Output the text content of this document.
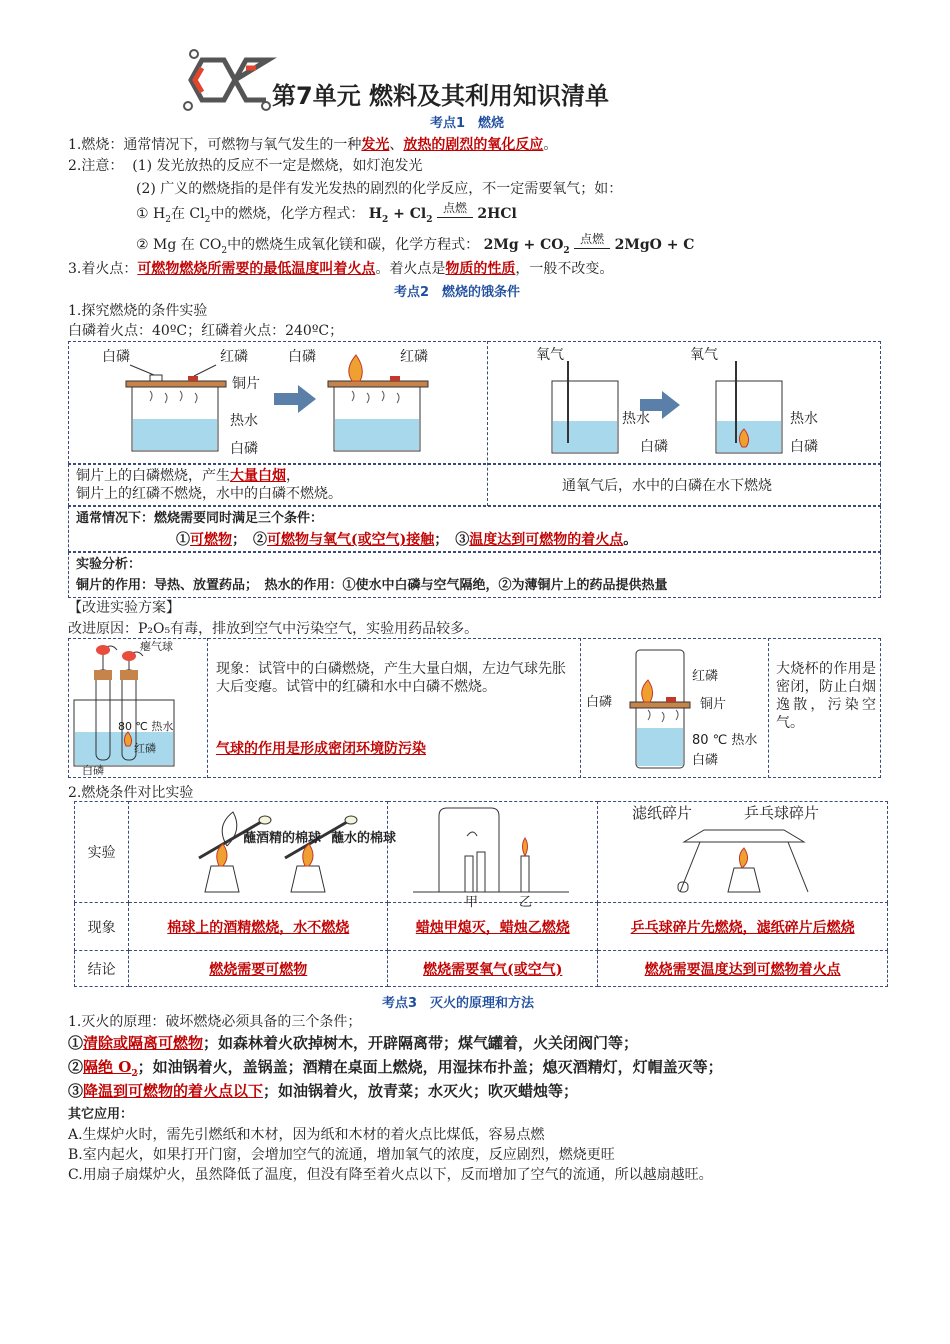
第7单元 燃料及其利用知识清单
考点1　燃烧
1.燃烧：通常情况下，可燃物与氧气发生的一种发光、放热的剧烈的氧化反应。
2.注意： (1) 发光放热的反应不一定是燃烧，如灯泡发光
(2) 广义的燃烧指的是伴有发光发热的剧烈的化学反应，不一定需要氧气；如：
① $H_2$在 $Cl_2$中的燃烧，化学方程式： $H_2 + Cl_2$ 点燃 2HCl
② Mg 在 $CO_2$中的燃烧生成氧化镁和碳，化学方程式： $2Mg + CO_2$ 点燃 2MgO + C
3.着火点：可燃物燃烧所需要的最低温度叫着火点。着火点是物质的性质，一般不改变。
考点2　燃烧的饿条件
1.探究燃烧的条件实验
白磷着火点：40ºC；红磷着火点：240ºC；
白磷	红磷
铜片
热水
白磷
白磷	红磷	氧气
热水
白磷
氧气
热水
白磷
铜片上的白磷燃烧，产生大量白烟，
铜片上的红磷不燃烧，水中的白磷不燃烧。	通氧气后，水中的白磷在水下燃烧
通常情况下：燃烧需要同时满足三个条件：
①可燃物；　②可燃物与氧气(或空气)接触；　③温度达到可燃物的着火点。
实验分析：
铜片的作用：导热、放置药品；　热水的作用：①使水中白磷与空气隔绝，②为薄铜片上的药品提供热量
【改进实验方案】
改进原因：P₂O₅有毒，排放到空气中污染空气，实验用药品较多。
瘪气球
80 ℃ 热水
红磷
白磷
现象：试管中的白磷燃烧，产生大量白烟，左边气球先胀大后变瘪。试管中的红磷和水中白磷不燃烧。
气球的作用是形成密闭环境防污染
红磷
白磷	铜片
80 ℃ 热水
白磷
大烧杯的作用是密闭，防止白烟逸散，污染空气。
2.燃烧条件对比实验
实验	蘸酒精的棉球 蘸水的棉球	甲 乙	滤纸碎片 乒乓球碎片

现象	棉球上的酒精燃烧，水不燃烧	蜡烛甲熄灭，蜡烛乙燃烧	乒乓球碎片先燃烧，滤纸碎片后燃烧
结论	燃烧需要可燃物	燃烧需要氧气(或空气)	燃烧需要温度达到可燃物着火点
考点3　灭火的原理和方法
1.灭火的原理：破坏燃烧必须具备的三个条件；
①清除或隔离可燃物；如森林着火砍掉树木，开辟隔离带；煤气罐着，火关闭阀门等；
②隔绝 $O_2$；如油锅着火，盖锅盖；酒精在桌面上燃烧，用湿抹布扑盖；熄灭酒精灯，灯帽盖灭等；
③降温到可燃物的着火点以下；如油锅着火，放青菜；水灭火；吹灭蜡烛等；
其它应用：
A.生煤炉火时，需先引燃纸和木材，因为纸和木材的着火点比煤低，容易点燃
B.室内起火，如果打开门窗，会增加空气的流通，增加氧气的浓度，反应剧烈，燃烧更旺
C.用扇子扇煤炉火，虽然降低了温度，但没有降至着火点以下，反而增加了空气的流通，所以越扇越旺。
